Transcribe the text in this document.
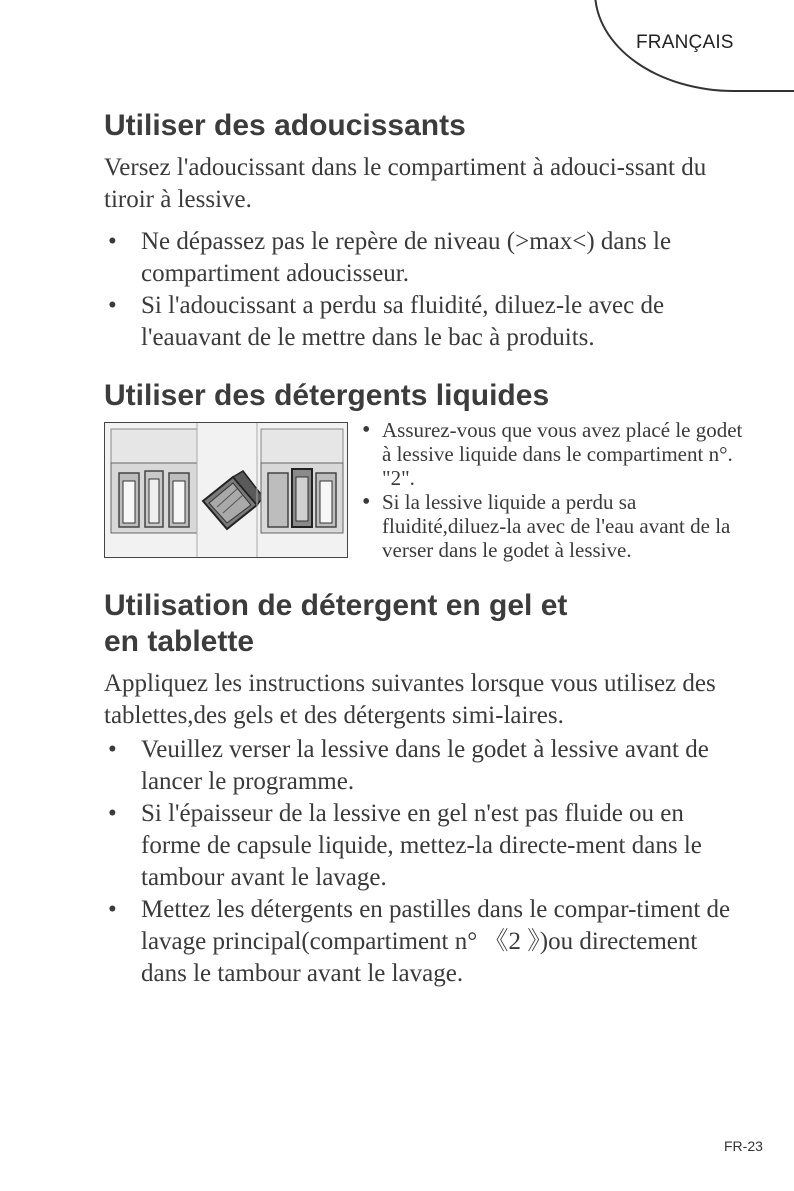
FRANÇAIS
Utiliser des adoucissants

Versez l'adoucissant dans le compartiment à adouci-ssant du tiroir à lessive.

• Ne dépassez pas le repère de niveau (>max<) dans le compartiment adoucisseur.
• Si l'adoucissant a perdu sa fluidité, diluez-le avec de l'eauavant de le mettre dans le bac à produits.
Utiliser des détergents liquides
• Assurez-vous que vous avez placé le godet à lessive liquide dans le compartiment n°. "2".
• Si la lessive liquide a perdu sa fluidité,diluez-la avec de l'eau avant de la verser dans le godet à lessive.
Utilisation de détergent en gel et
en tablette

Appliquez les instructions suivantes lorsque vous utilisez des tablettes,des gels et des détergents simi-laires.

• Veuillez verser la lessive dans le godet à lessive avant de lancer le programme.
• Si l'épaisseur de la lessive en gel n'est pas fluide ou en forme de capsule liquide, mettez-la directe-ment dans le tambour avant le lavage.
• Mettez les détergents en pastilles dans le compar-timent de lavage principal(compartiment n° 《2 》)ou directement dans le tambour avant le lavage.
FR-23
